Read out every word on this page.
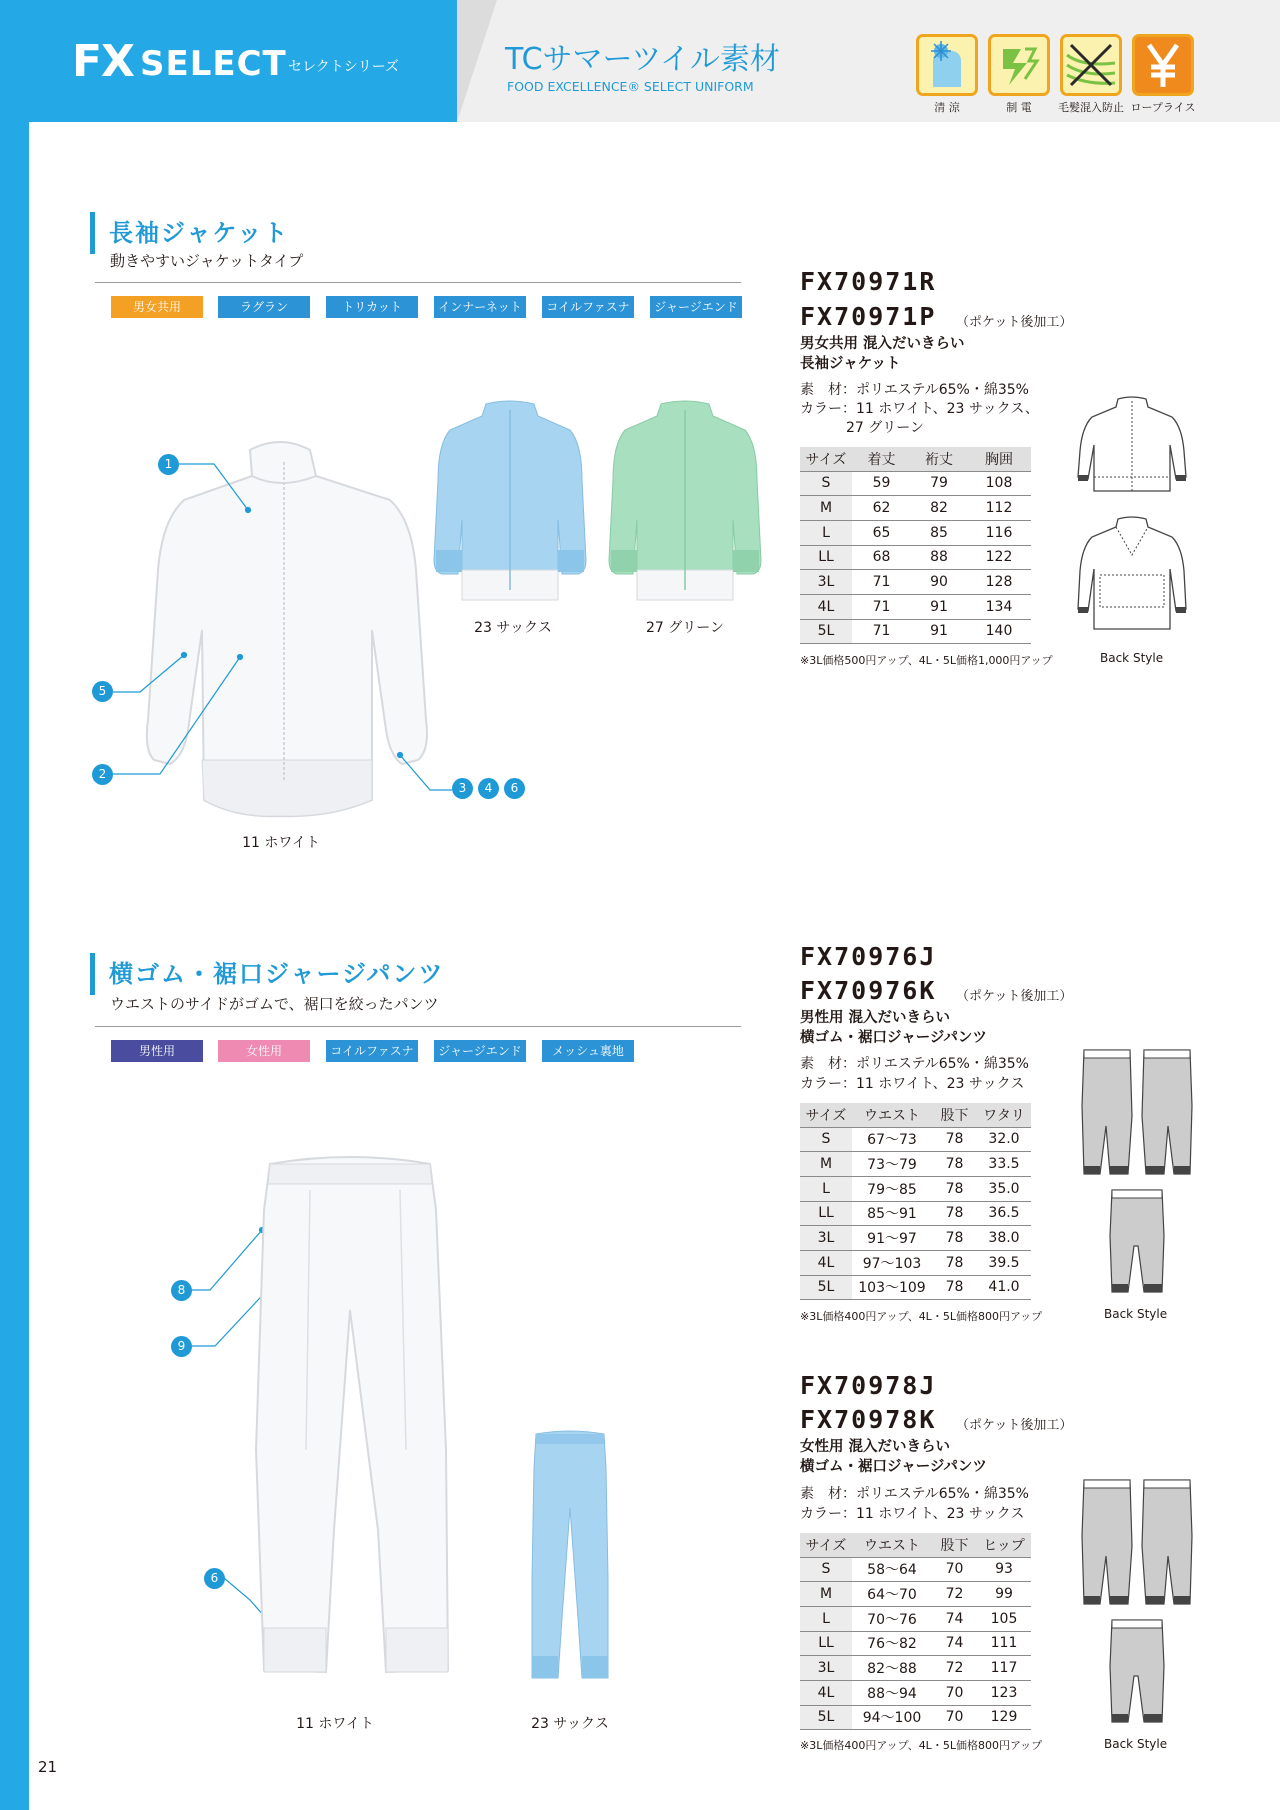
FX SELECT セレクトシリーズ	TCサマーツイル素材
FOOD EXCELLENCE® SELECT UNIFORM
清 涼	制 電	毛髪混入防止 ロープライス
21
長袖ジャケット
動きやすいジャケットタイプ
男女共用	ラグラン	トリカット	インナーネット	コイルファスナー
ジャージエンド
23 サックス	27 グリーン
11 ホワイト
1
5
2
3	4	6
FX70971R
FX70971P （ポケット後加工）
男女共用 混入だいきらい
長袖ジャケット
素　材：ポリエステル65%・綿35%
カラー：11 ホワイト、23 サックス、
27 グリーン
サイズ	着丈	裄丈	胸囲
S	59	79	108
M	62	82	112
L	65	85	116
LL	68	88	122
3L	71	90	128
4L	71	91	134
5L	71	91	140
※3L価格500円アップ、4L・5L価格1,000円アップ	Back Style
横ゴム・裾口ジャージパンツ
ウエストのサイドがゴムで、裾口を絞ったパンツ
男性用	女性用	コイルファスナー
ジャージエンド	メッシュ裏地
11 ホワイト	23 サックス
8
9
6
FX70976J
FX70976K （ポケット後加工）
男性用 混入だいきらい
横ゴム・裾口ジャージパンツ
素　材：ポリエステル65%・綿35%
カラー：11 ホワイト、23 サックス
サイズ	ウエスト	股下	ワタリ
S	67～73	78	32.0
M	73～79	78	33.5
L	79～85	78	35.0
LL	85～91	78	36.5
3L	91～97	78	38.0
4L	97～103	78	39.5
5L	103～109	78	41.0
※3L価格400円アップ、4L・5L価格800円アップ	Back Style
FX70978J
FX70978K （ポケット後加工）
女性用 混入だいきらい
横ゴム・裾口ジャージパンツ
素　材：ポリエステル65%・綿35%
カラー：11 ホワイト、23 サックス
サイズ	ウエスト	股下	ヒップ
S	58～64	70	93
M	64～70	72	99
L	70～76	74	105
LL	76～82	74	111
3L	82～88	72	117
4L	88～94	70	123
5L	94～100	70	129
※3L価格400円アップ、4L・5L価格800円アップ	Back Style
